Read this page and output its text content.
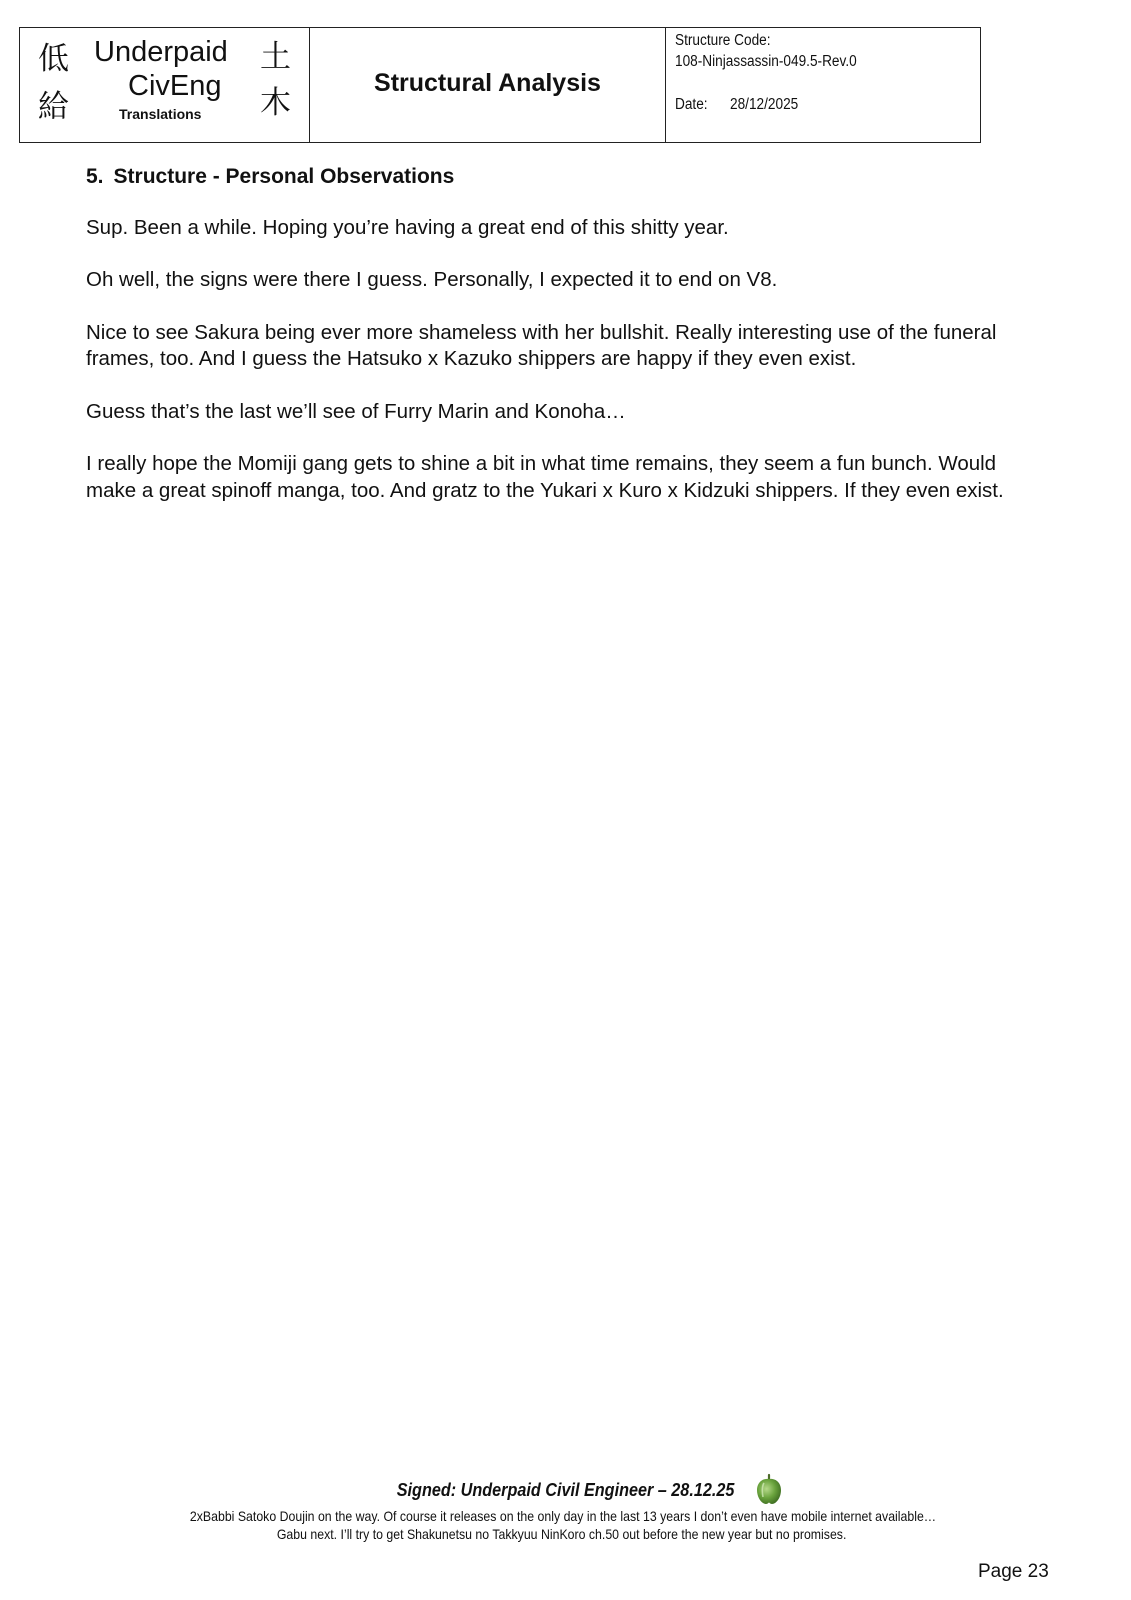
低
給
土
木
Underpaid
CivEng
Translations
Structural Analysis
Structure Code:
108-Ninjassassin-049.5-Rev.0
Date: 28/12/2025
5. Structure - Personal Observations

Sup. Been a while. Hoping you’re having a great end of this shitty year.

Oh well, the signs were there I guess. Personally, I expected it to end on V8.

Nice to see Sakura being ever more shameless with her bullshit. Really interesting use of the funeral frames, too. And I guess the Hatsuko x Kazuko shippers are happy if they even exist.

Guess that’s the last we’ll see of Furry Marin and Konoha…

I really hope the Momiji gang gets to shine a bit in what time remains, they seem a fun bunch. Would make a great spinoff manga, too. And gratz to the Yukari x Kuro x Kidzuki shippers. If they even exist.

Signed: Underpaid Civil Engineer – 28.12.25
2xBabbi Satoko Doujin on the way. Of course it releases on the only day in the last 13 years I don’t even have mobile internet available…
Gabu next. I’ll try to get Shakunetsu no Takkyuu NinKoro ch.50 out before the new year but no promises.
Page 23
